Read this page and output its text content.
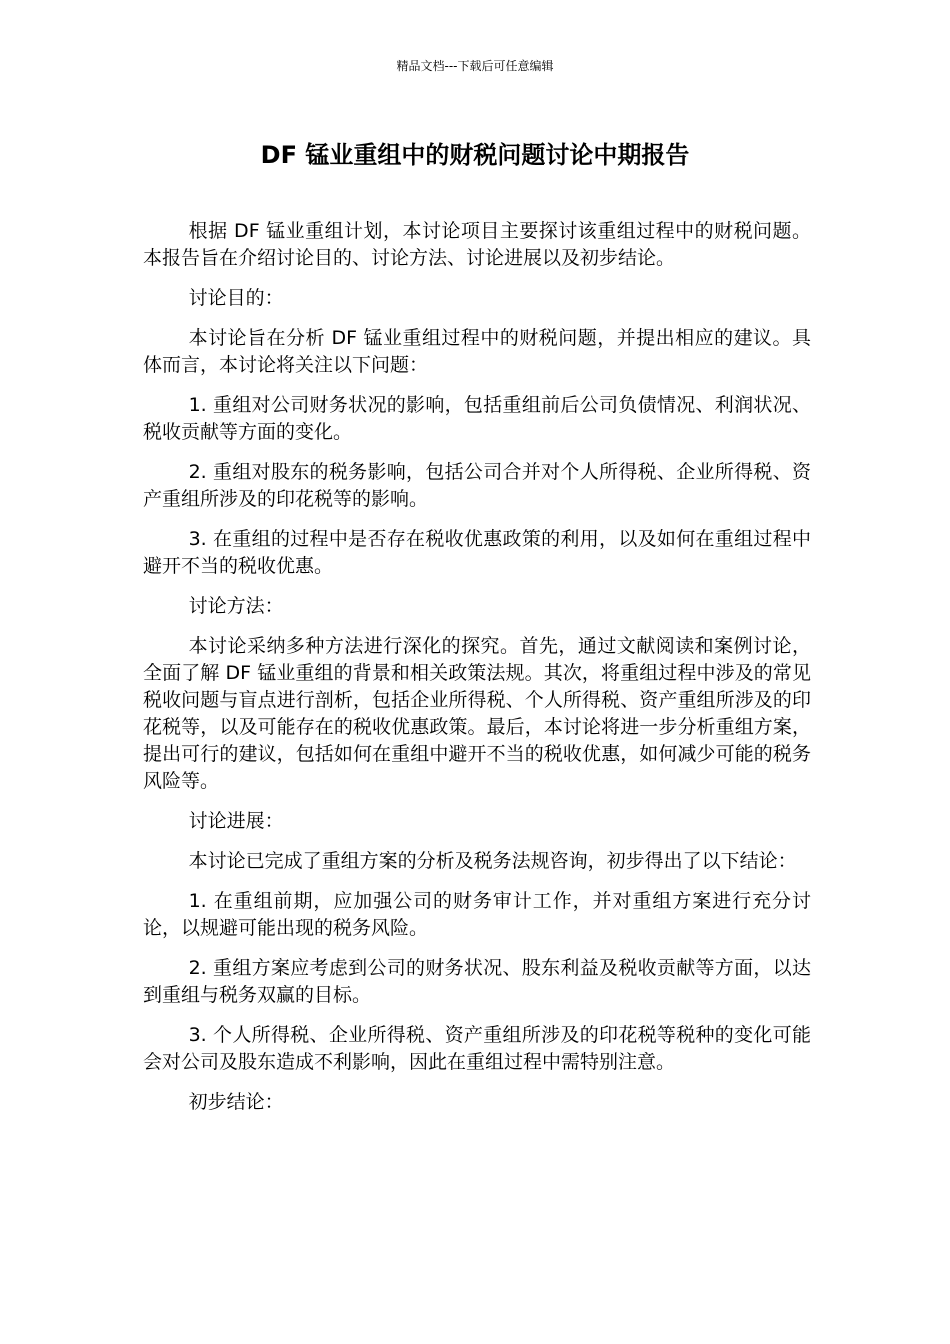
精品文档---下载后可任意编辑
DF 锰业重组中的财税问题讨论中期报告

根据 DF 锰业重组计划，本讨论项目主要探讨该重组过程中的财税问题。本报告旨在介绍讨论目的、讨论方法、讨论进展以及初步结论。

讨论目的：

本讨论旨在分析 DF 锰业重组过程中的财税问题，并提出相应的建议。具体而言，本讨论将关注以下问题：

1. 重组对公司财务状况的影响，包括重组前后公司负债情况、利润状况、税收贡献等方面的变化。

2. 重组对股东的税务影响，包括公司合并对个人所得税、企业所得税、资产重组所涉及的印花税等的影响。

3. 在重组的过程中是否存在税收优惠政策的利用，以及如何在重组过程中避开不当的税收优惠。

讨论方法：

本讨论采纳多种方法进行深化的探究。首先，通过文献阅读和案例讨论，全面了解 DF 锰业重组的背景和相关政策法规。其次，将重组过程中涉及的常见税收问题与盲点进行剖析，包括企业所得税、个人所得税、资产重组所涉及的印花税等，以及可能存在的税收优惠政策。最后，本讨论将进一步分析重组方案，提出可行的建议，包括如何在重组中避开不当的税收优惠，如何减少可能的税务风险等。

讨论进展：

本讨论已完成了重组方案的分析及税务法规咨询，初步得出了以下结论：

1. 在重组前期，应加强公司的财务审计工作，并对重组方案进行充分讨论，以规避可能出现的税务风险。

2. 重组方案应考虑到公司的财务状况、股东利益及税收贡献等方面，以达到重组与税务双赢的目标。

3. 个人所得税、企业所得税、资产重组所涉及的印花税等税种的变化可能会对公司及股东造成不利影响，因此在重组过程中需特别注意。

初步结论：
